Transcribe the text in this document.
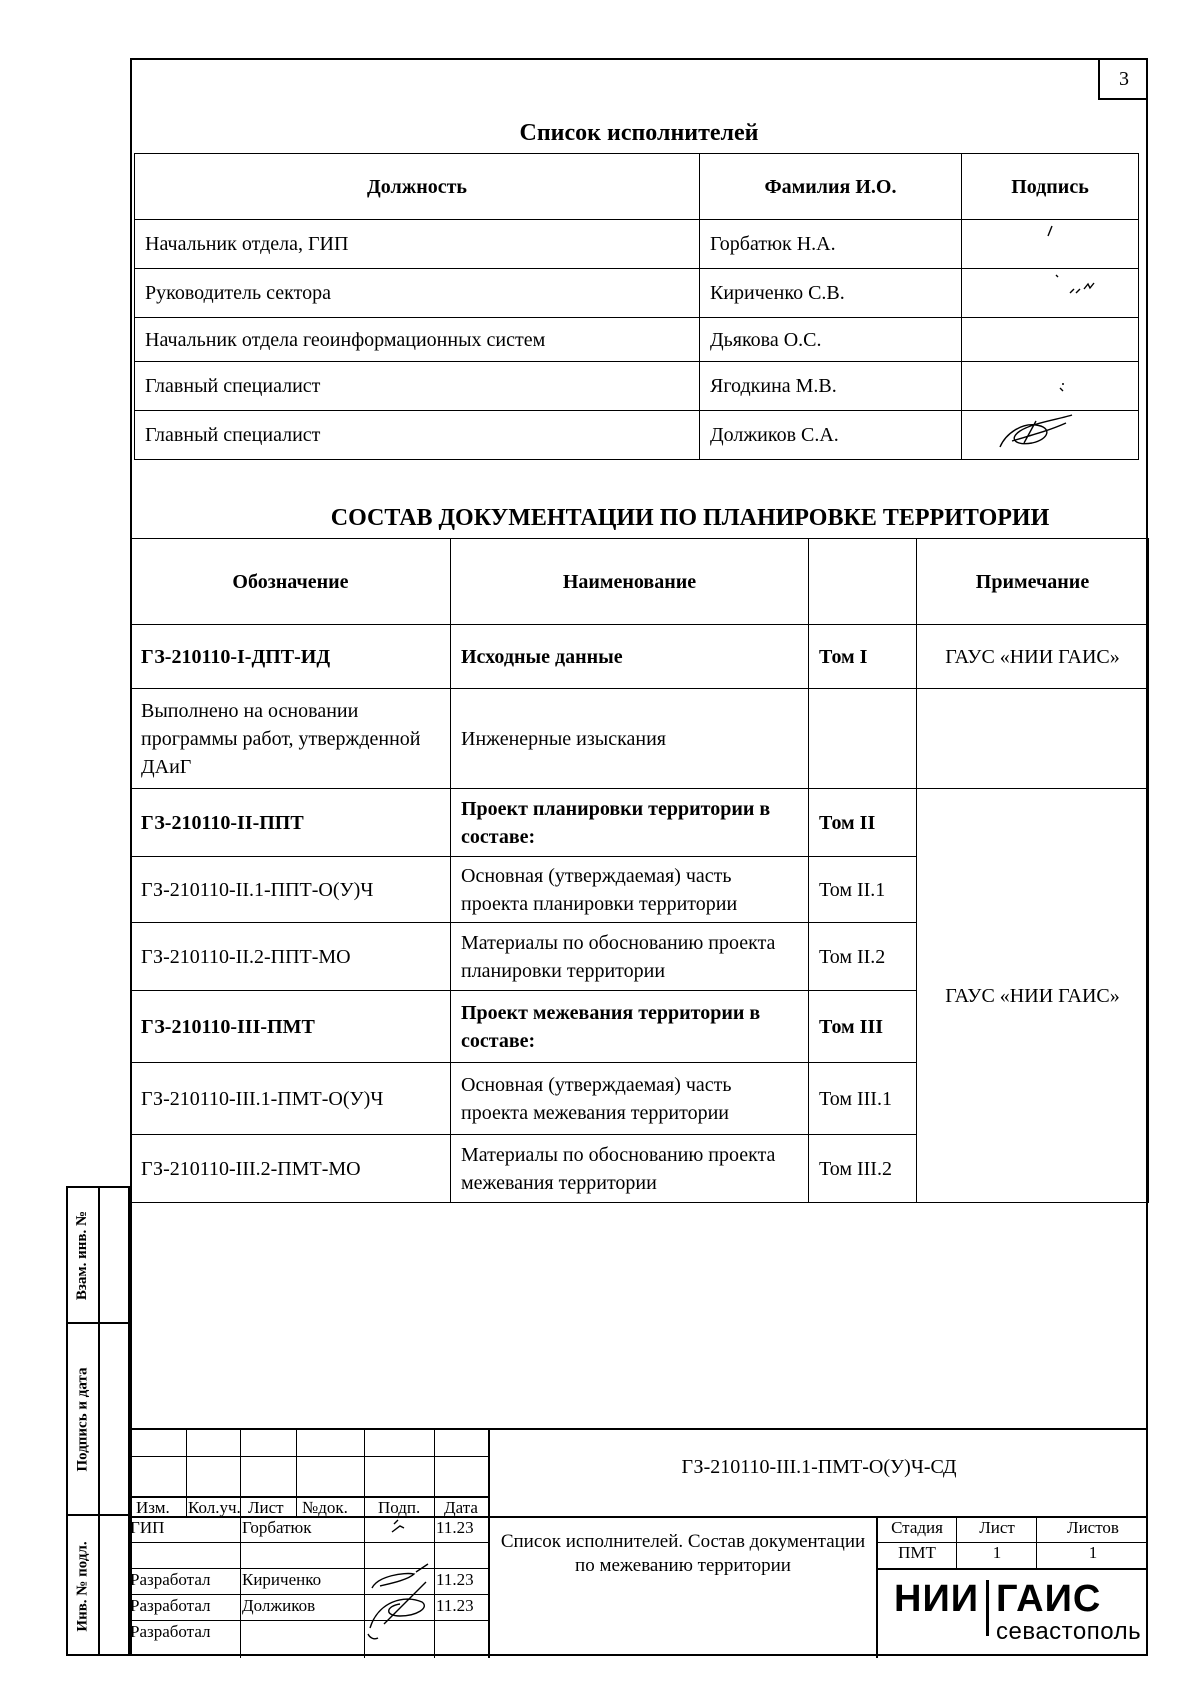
3
Список исполнителей
Должность	Фамилия И.О.	Подпись
Начальник отдела, ГИП	Горбатюк Н.А.	
Руководитель сектора	Кириченко С.В.	
Начальник отдела геоинформационных систем	Дьякова О.С.	
Главный специалист	Ягодкина М.В.	
Главный специалист	Должиков С.А.	
СОСТАВ ДОКУМЕНТАЦИИ ПО ПЛАНИРОВКЕ ТЕРРИТОРИИ
Обозначение	Наименование		Примечание
ГЗ-210110-I-ДПТ-ИД	Исходные данные	Том I	ГАУС «НИИ ГАИС»
Выполнено на основании программы работ, утвержденной ДАиГ	Инженерные изыскания		
ГЗ-210110-II-ППТ	Проект планировки территории в составе:	Том II	ГАУС «НИИ ГАИС»
ГЗ-210110-II.1-ППТ-О(У)Ч	Основная (утверждаемая) часть проекта планировки территории	Том II.1	
ГЗ-210110-II.2-ППТ-МО	Материалы по обоснованию проекта планировки территории	Том II.2	
ГЗ-210110-III-ПМТ	Проект межевания территории в составе:	Том III	
ГЗ-210110-III.1-ПМТ-О(У)Ч	Основная (утверждаемая) часть проекта межевания территории	Том III.1	
ГЗ-210110-III.2-ПМТ-МО	Материалы по обоснованию проекта межевания территории	Том III.2	
Взам. инв. №
Подпись и дата
Инв. № подл.
Изм. Кол.уч. Лист №док. Подп. Дата
ГЗ-210110-III.1-ПМТ-О(У)Ч-СД
ГИП	Горбатюк	11.23
Разработал Кириченко	11.23
Разработал Должиков	11.23
Разработал
Список исполнителей. Состав документации по межеванию территории
Стадия	Лист	Листов
ПМТ	1	1
НИИ ГАИС
севастополь
